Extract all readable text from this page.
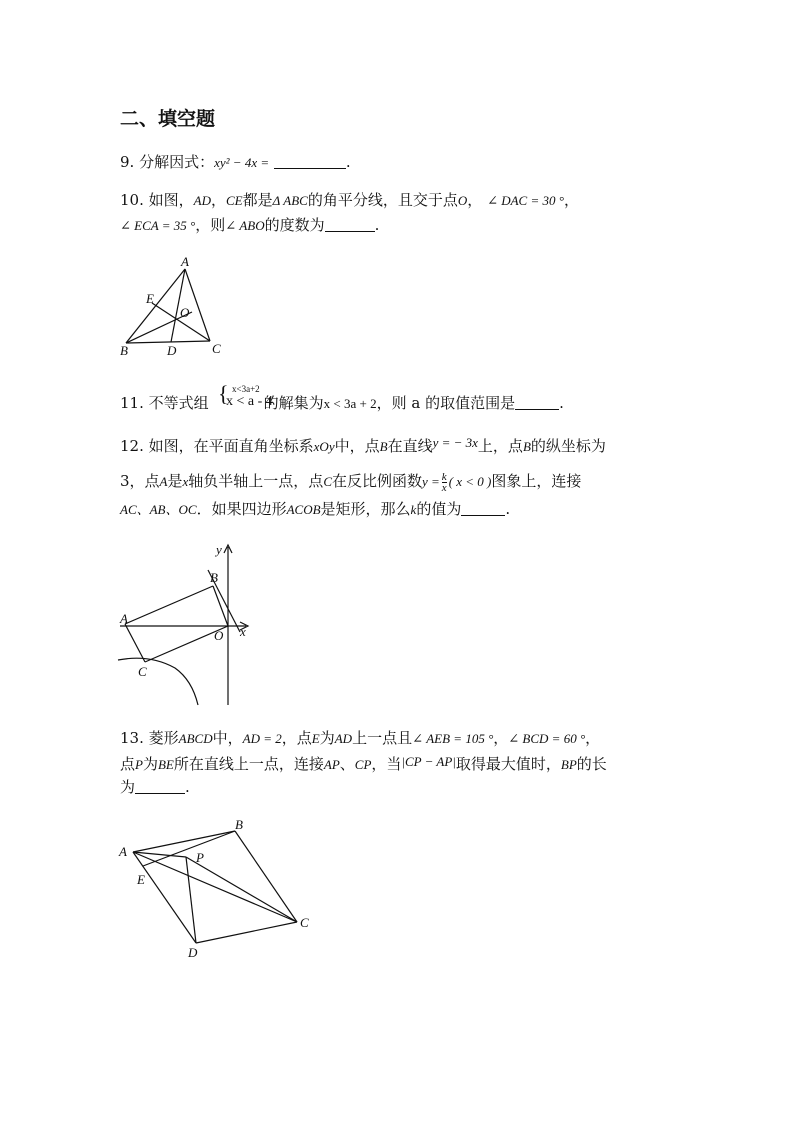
二、填空题
9. 分解因式：xy² − 4x =	.
10. 如图，AD，CE都是Δ ABC的角平分线，且交于点O， ∠ DAC = 30 °，
∠ ECA = 35 °，则∠ ABO的度数为	.
A
E
O
B	D	C
11. 不等式组	的解集为x < 3a + 2，则 a 的取值范围是	.
{ x<3a+2
x < a - 4
12. 如图，在平面直角坐标系xOy中，点B在直线y = − 3x上，点B的纵坐标为
3，点A是x轴负半轴上一点，点C在反比例函数$y = \frac{k}{x}$ ( x < 0 )图象上，连接
AC、AB、OC．如果四边形ACOB是矩形，那么k的值为	.
y
B
A
O x
C
13. 菱形ABCD中，AD = 2，点E为AD上一点且∠ AEB = 105 °，∠ BCD = 60 °，
点P为BE所在直线上一点，连接AP、CP，当|CP − AP|取得最大值时，BP的长
为	.
A
B
P
E
C
D
